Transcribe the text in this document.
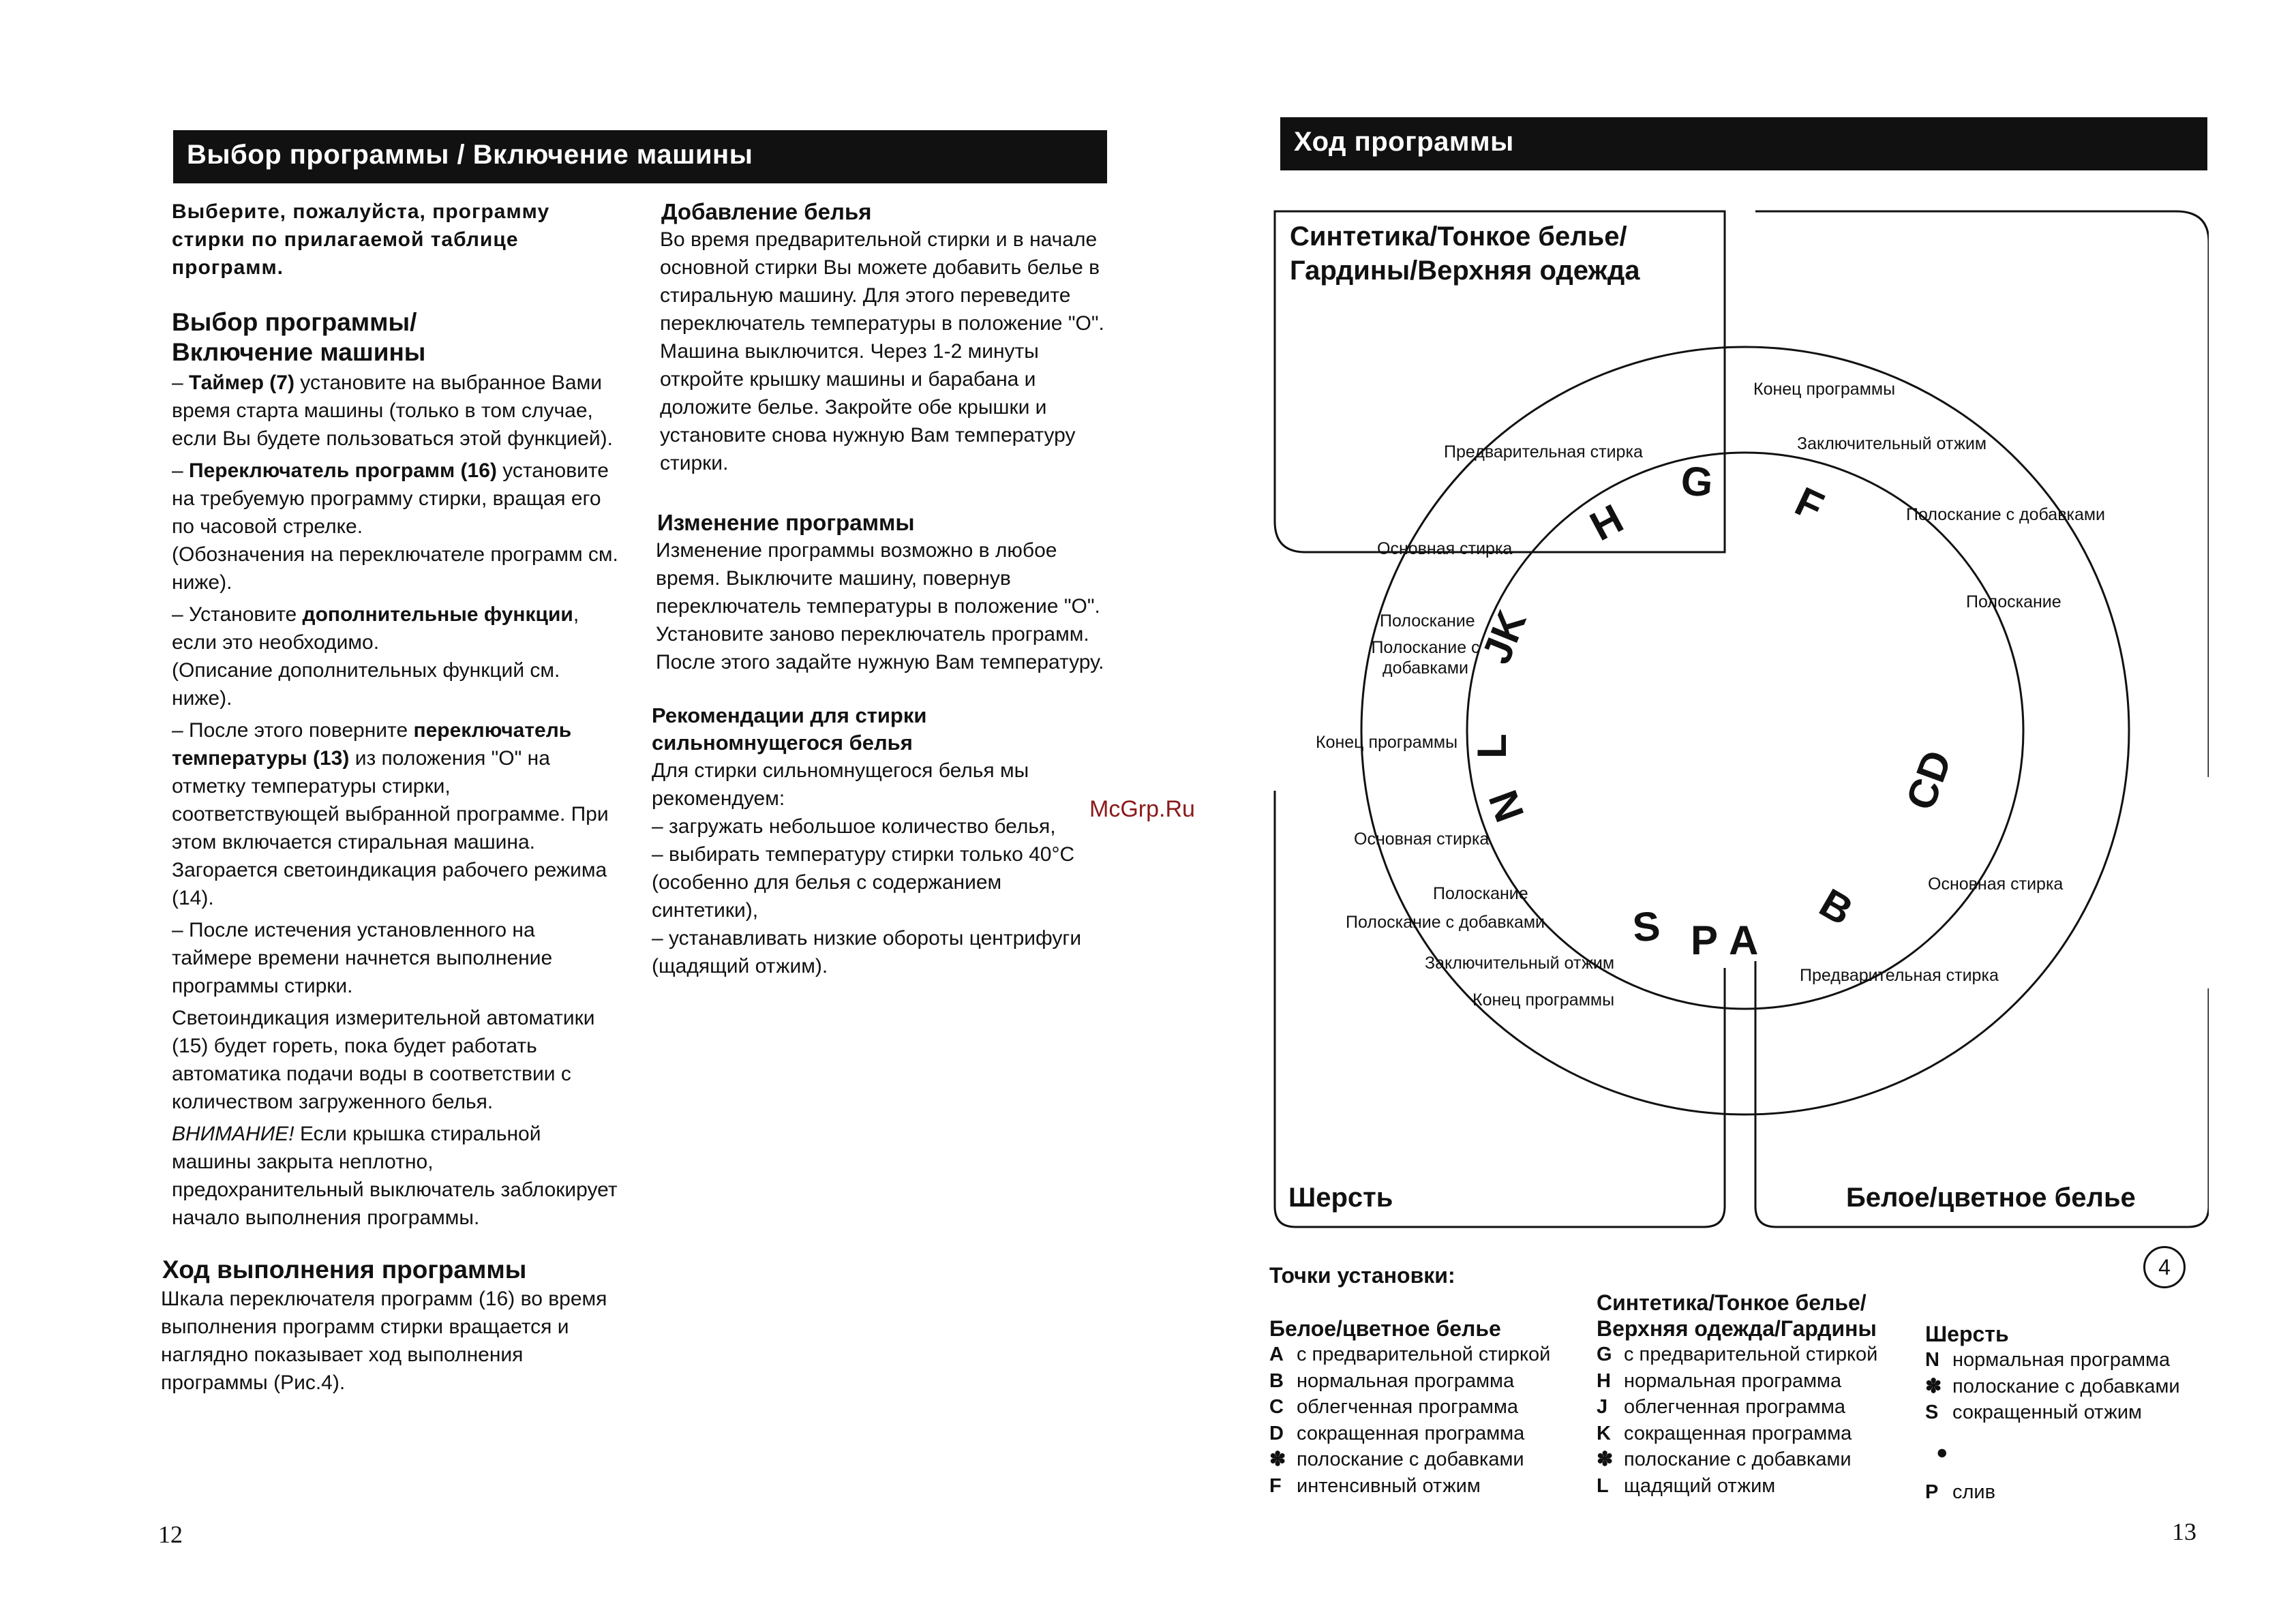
Выбор программы / Включение машины

Выберите, пожалуйста, программу стирки по прилагаемой таблице программ.

Выбор программы/

Включение машины

– Таймер (7) установите на выбранное Вами время старта машины (только в том случае, если Вы будете пользоваться этой функцией).

– Переключатель программ (16) установите на требуемую программу стирки, вращая его по часовой стрелке.

(Обозначения на переключателе программ см. ниже).

– Установите дополнительные функции, если это необходимо.

(Описание дополнительных функций см. ниже).

– После этого поверните переключатель температуры (13) из положения "О" на отметку температуры стирки, соответствующей выбранной программе. При этом включается стиральная машина. Загорается светоиндикация рабочего режима (14).

– После истечения установленного на таймере времени начнется выполнение программы стирки.

Светоиндикация измерительной автоматики (15) будет гореть, пока будет работать автоматика подачи воды в соответствии с количеством загруженного белья.

ВНИМАНИЕ! Если крышка стиральной машины закрыта неплотно, предохранительный выключатель заблокирует начало выполнения программы.

Ход выполнения программы

Шкала переключателя программ (16) во время выполнения программ стирки вращается и наглядно показывает ход выполнения программы (Рис.4).

12

Добавление белья

Во время предварительной стирки и в начале основной стирки Вы можете добавить белье в стиральную машину. Для этого переведите переключатель температуры в положение "О". Машина выключится. Через 1-2 минуты откройте крышку машины и барабана и доложите белье. Закройте обе крышки и установите снова нужную Вам температуру стирки.

Изменение программы

Изменение программы возможно в любое время. Выключите машину, повернув переключатель температуры в положение "О". Установите заново переключатель программ. После этого задайте нужную Вам температуру.

Рекомендации для стирки сильномнущегося белья

Для стирки сильномнущегося белья мы рекомендуем:

– загружать небольшое количество белья,

– выбирать температуру стирки только 40°С (особенно для белья с содержанием синтетики),

– устанавливать низкие обороты центрифуги (щадящий отжим).

McGrp.Ru
Ход программы
Синтетика/Тонкое белье/
Гардины/Верхняя одежда
Шерсть	Белое/цветное белье
G F
H
JK
L
N
S P A
B
CD
Конец программы
Заключительный отжим
Предварительная стирка
Полоскание с добавками
Основная стирка
Полоскание
Полоскание
Полоскание с добавками
Конец программы
Основная стирка
Основная стирка
Полоскание
Полоскание с добавками
Заключительный отжим
Предварительная стирка
Конец программы
4
Точки установки:
Белое/цветное белье
A с предварительной стиркой
B нормальная программа
C облегченная программа
D сокращенная программа
✽ полоскание с добавками
F интенсивный отжим
Синтетика/Тонкое белье/
Верхняя одежда/Гардины
G с предварительной стиркой
H нормальная программа
J облегченная программа
K сокращенная программа
✽ полоскание с добавками
L щадящий отжим
Шерсть
N нормальная программа
✽ полоскание с добавками
S сокращенный отжим
●
P слив
13
